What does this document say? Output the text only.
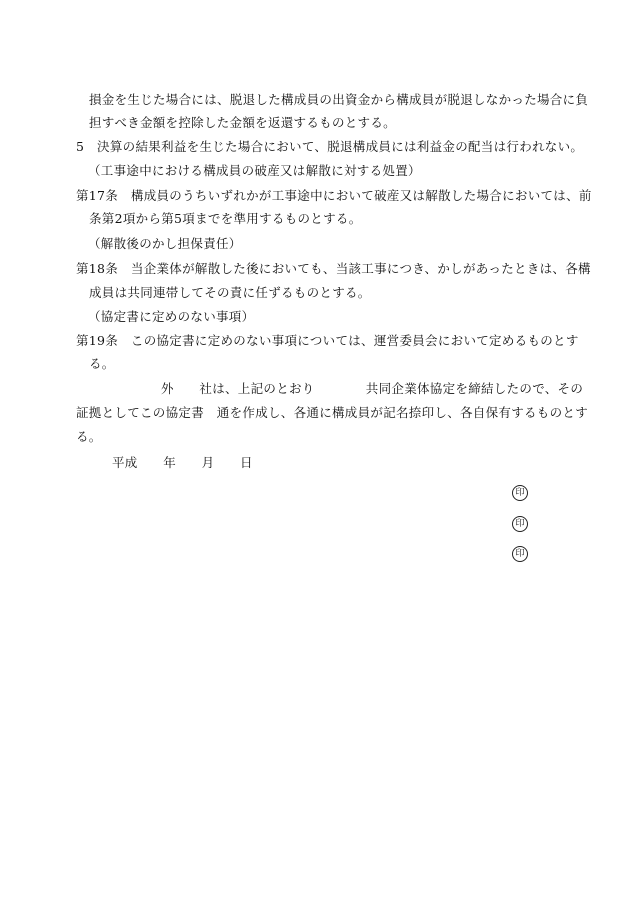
損金を生じた場合には、脱退した構成員の出資金から構成員が脱退しなかった場合に負
担すべき金額を控除した金額を返還するものとする。
5　決算の結果利益を生じた場合において、脱退構成員には利益金の配当は行われない。
（工事途中における構成員の破産又は解散に対する処置）
第17条　構成員のうちいずれかが工事途中において破産又は解散した場合においては、前
条第2項から第5項までを準用するものとする。
（解散後のかし担保責任）
第18条　当企業体が解散した後においても、当該工事につき、かしがあったときは、各構
成員は共同連帯してその責に任ずるものとする。
（協定書に定めのない事項）
第19条　この協定書に定めのない事項については、運営委員会において定めるものとす
る。
外　　社は、上記のとおり　　　　共同企業体協定を締結したので、その
証拠としてこの協定書　通を作成し、各通に構成員が記名捺印し、各自保有するものとす
る。
平成　　年　　月　　日
印
印
印
